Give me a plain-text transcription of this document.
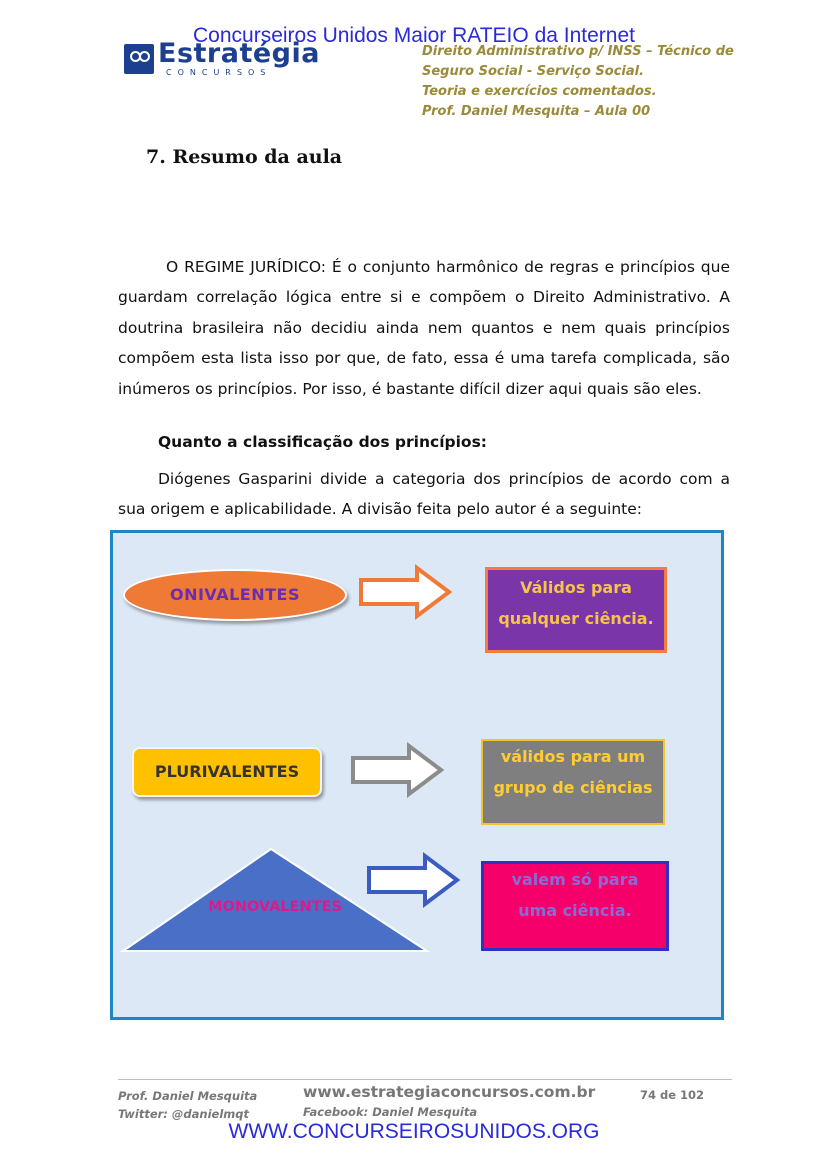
Concurseiros Unidos Maior RATEIO da Internet
Estratégia
CONCURSOS
Direito Administrativo p/ INSS – Técnico de
Seguro Social - Serviço Social.
Teoria e exercícios comentados.
Prof. Daniel Mesquita – Aula 00
7. Resumo da aula

O REGIME JURÍDICO: É o conjunto harmônico de regras e princípios que guardam correlação lógica entre si e compõem o Direito Administrativo. A doutrina brasileira não decidiu ainda nem quantos e nem quais princípios compõem esta lista isso por que, de fato, essa é uma tarefa complicada, são inúmeros os princípios. Por isso, é bastante difícil dizer aqui quais são eles.

Quanto a classificação dos princípios:

Diógenes Gasparini divide a categoria dos princípios de acordo com a sua origem e aplicabilidade. A divisão feita pelo autor é a seguinte:

ONIVALENTES	Válidos para
qualquer ciência.
PLURIVALENTES
válidos para um
grupo de ciências
MONOVALENTES
valem só para
uma ciência.
Prof. Daniel Mesquita
Twitter: @danielmqt
www.estrategiaconcursos.com.br
Facebook: Daniel Mesquita
74 de 102
WWW.CONCURSEIROSUNIDOS.ORG
